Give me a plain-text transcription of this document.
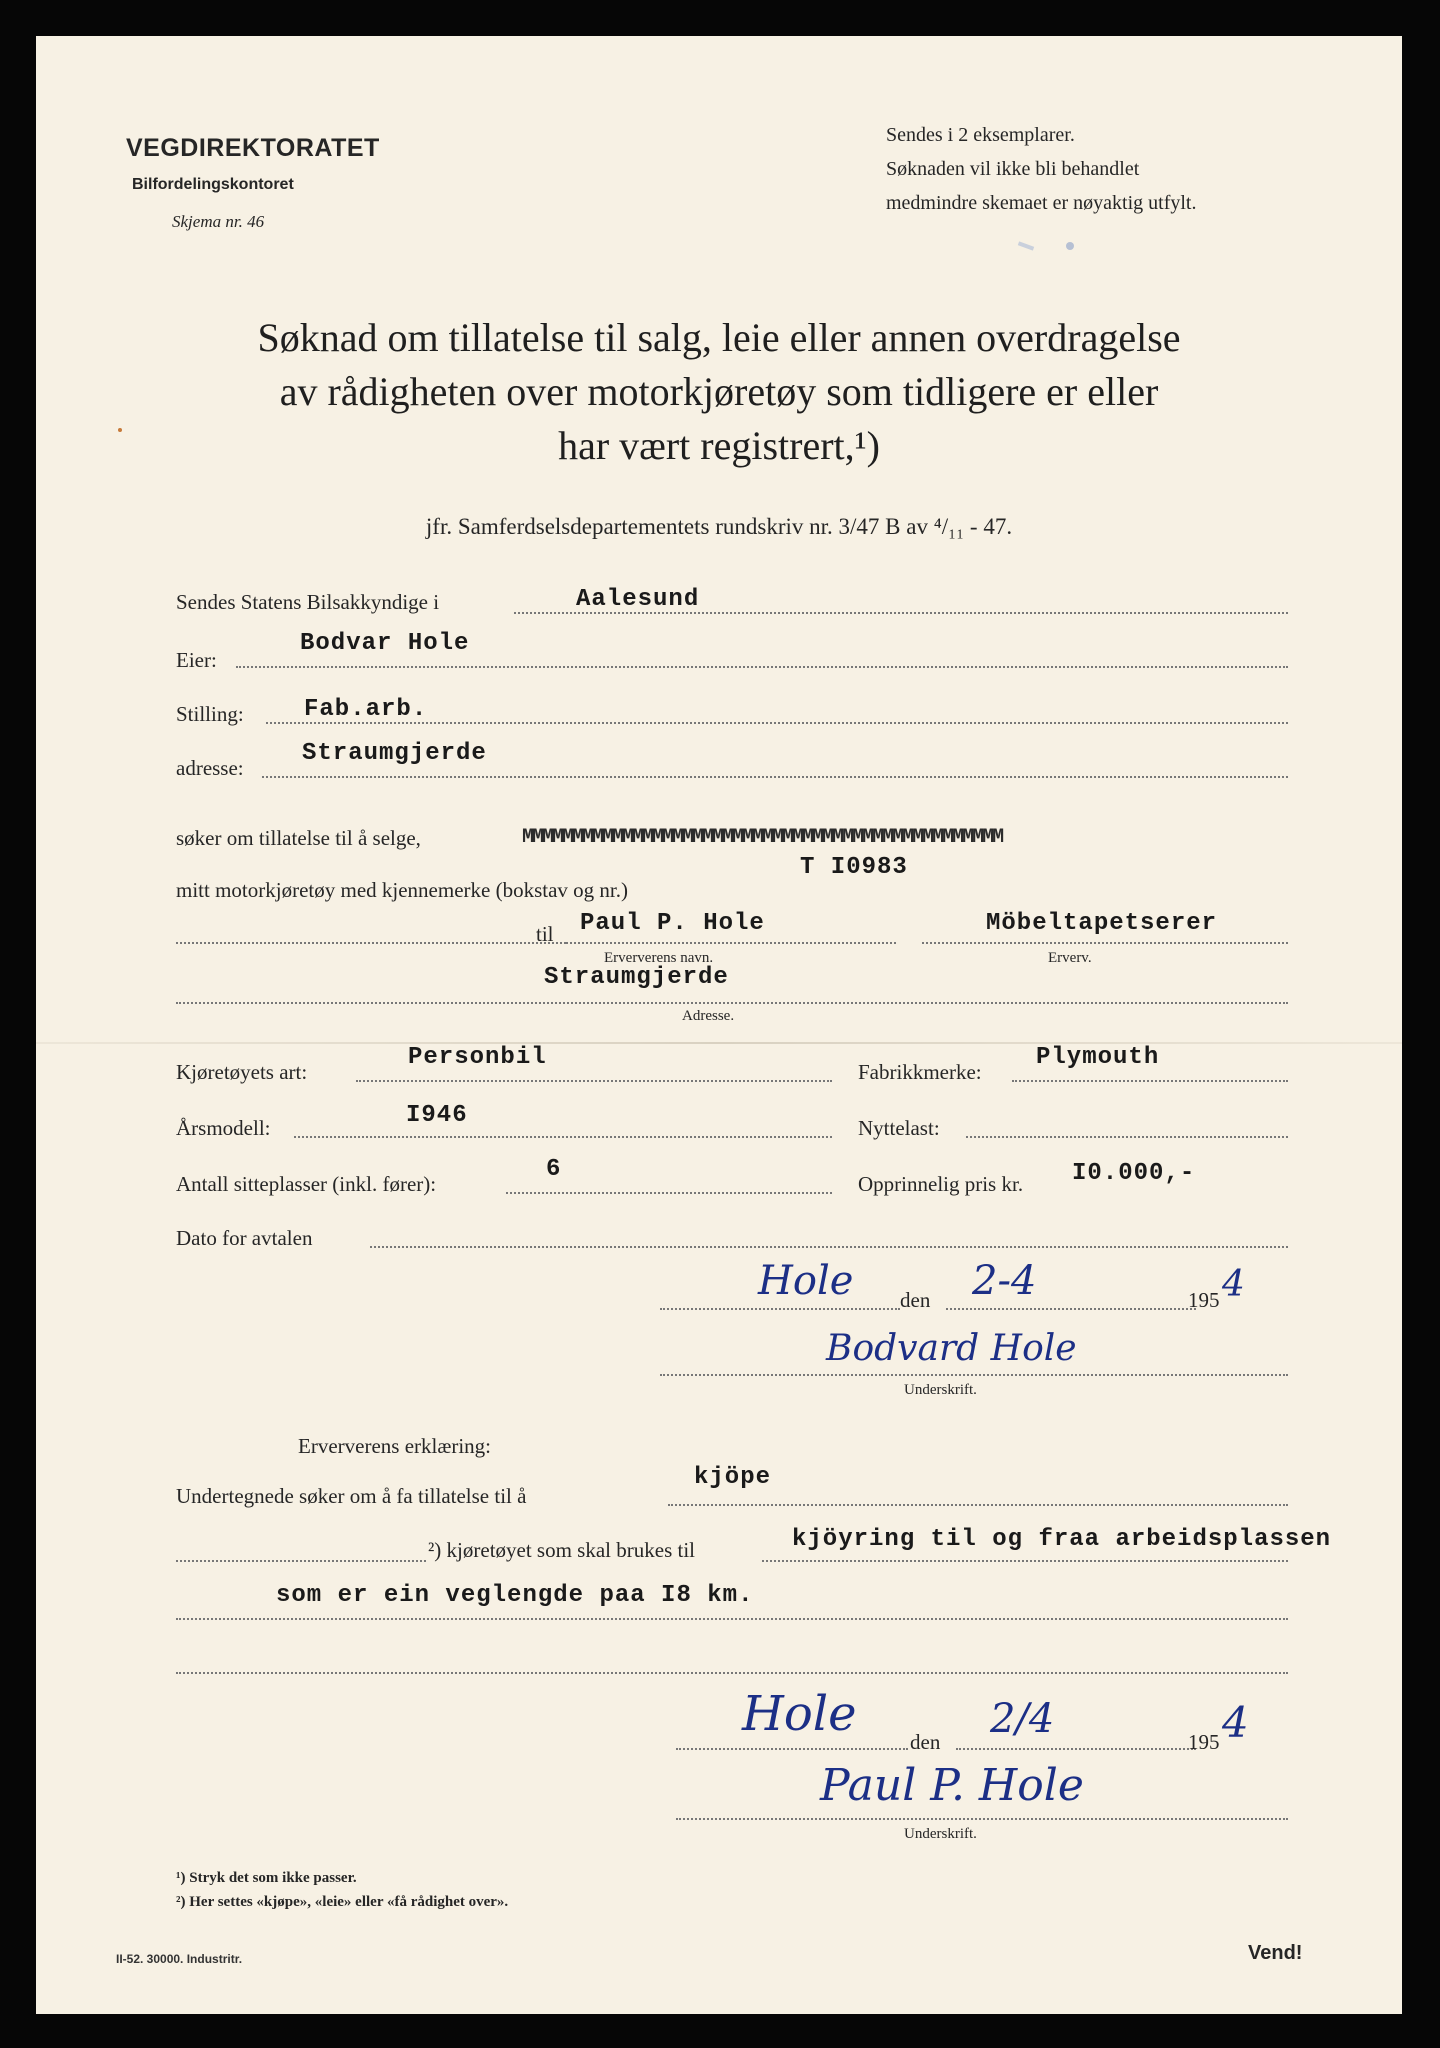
VEGDIREKTORATET
Bilfordelingskontoret
Skjema nr. 46
Sendes i 2 eksemplarer.
Søknaden vil ikke bli behandlet
medmindre skemaet er nøyaktig utfylt.
Søknad om tillatelse til salg, leie eller annen overdragelse
av rådigheten over motorkjøretøy som tidligere er eller
har vært registrert,¹)
jfr. Samferdselsdepartementets rundskriv nr. 3/47 B av ⁴/₁₁ - 47.
Sendes Statens Bilsakkyndige i	Aalesund
Eier:
Bodvar Hole
Stilling:	Fab.arb.
adresse:
Straumgjerde
søker om tillatelse til å selge,	MMMMMMMMMMMMMMMMMMMMMMMMMMMMMMMMMMMMMMMMMMMMMMMM
mitt motorkjøretøy med kjennemerke (bokstav og nr.)
T I0983
til Paul P. Hole
Erververens navn.
Möbeltapetserer
Erverv.
Straumgjerde
Adresse.
Kjøretøyets art:
Personbil
Fabrikkmerke:
Plymouth
Årsmodell:	I946	Nyttelast:
Antall sitteplasser (inkl. fører):
6
Opprinnelig pris kr. I0.000,-
Dato for avtalen
Hole den 2-4	195 4
Bodvard Hole
Underskrift.
Erververens erklæring:
Undertegnede søker om å fa tillatelse til å
kjöpe
²) kjøretøyet som skal brukes til	kjöyring til og fraa arbeidsplassen
som er ein veglengde paa I8 km.
Hole	den 2/4	195 4
Paul P. Hole
Underskrift.
¹) Stryk det som ikke passer.
²) Her settes «kjøpe», «leie» eller «få rådighet over».
II-52. 30000. Industritr.	Vend!
